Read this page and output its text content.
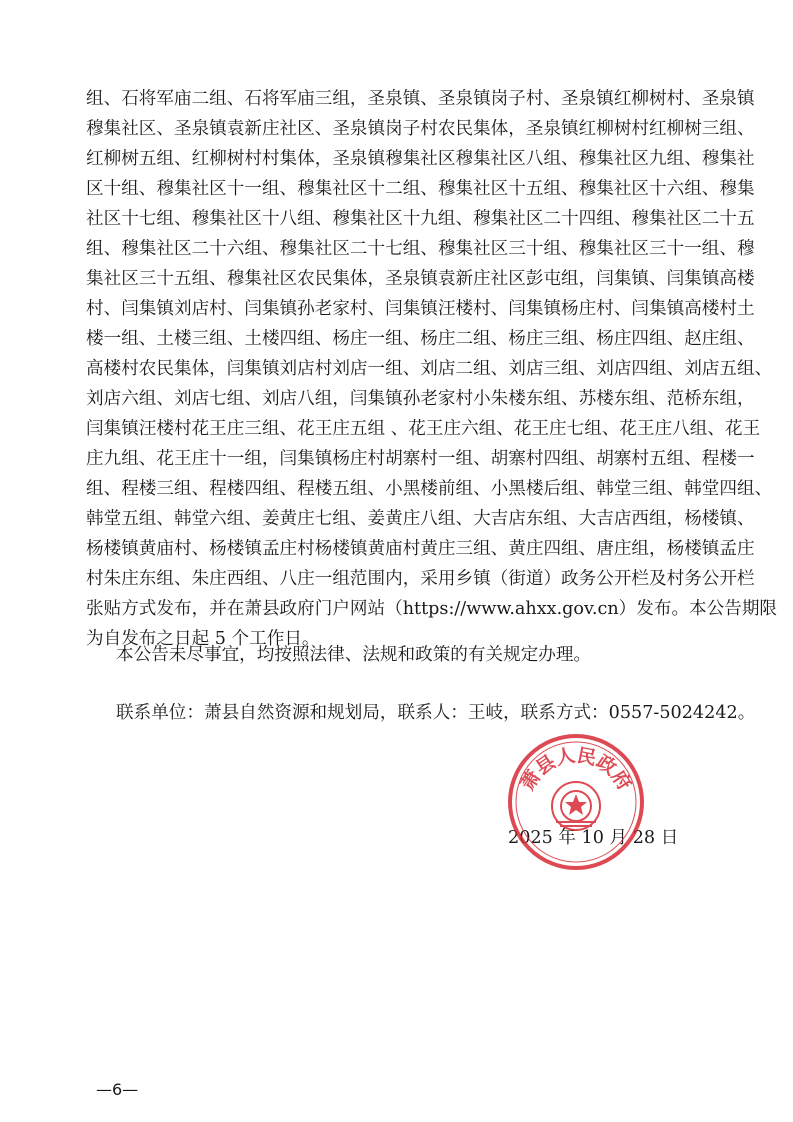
组、石将军庙二组、石将军庙三组，圣泉镇、圣泉镇岗子村、圣泉镇红柳树村、圣泉镇
穆集社区、圣泉镇袁新庄社区、圣泉镇岗子村农民集体，圣泉镇红柳树村红柳树三组、
红柳树五组、红柳树村村集体，圣泉镇穆集社区穆集社区八组、穆集社区九组、穆集社
区十组、穆集社区十一组、穆集社区十二组、穆集社区十五组、穆集社区十六组、穆集
社区十七组、穆集社区十八组、穆集社区十九组、穆集社区二十四组、穆集社区二十五
组、穆集社区二十六组、穆集社区二十七组、穆集社区三十组、穆集社区三十一组、穆
集社区三十五组、穆集社区农民集体，圣泉镇袁新庄社区彭屯组，闫集镇、闫集镇高楼
村、闫集镇刘店村、闫集镇孙老家村、闫集镇汪楼村、闫集镇杨庄村、闫集镇高楼村土
楼一组、土楼三组、土楼四组、杨庄一组、杨庄二组、杨庄三组、杨庄四组、赵庄组、
高楼村农民集体，闫集镇刘店村刘店一组、刘店二组、刘店三组、刘店四组、刘店五组、
刘店六组、刘店七组、刘店八组，闫集镇孙老家村小朱楼东组、苏楼东组、范桥东组，
闫集镇汪楼村花王庄三组、花王庄五组 、花王庄六组、花王庄七组、花王庄八组、花王
庄九组、花王庄十一组，闫集镇杨庄村胡寨村一组、胡寨村四组、胡寨村五组、程楼一
组、程楼三组、程楼四组、程楼五组、小黑楼前组、小黑楼后组、韩堂三组、韩堂四组、
韩堂五组、韩堂六组、姜黄庄七组、姜黄庄八组、大吉店东组、大吉店西组，杨楼镇、
杨楼镇黄庙村、杨楼镇孟庄村杨楼镇黄庙村黄庄三组、黄庄四组、唐庄组，杨楼镇孟庄
村朱庄东组、朱庄西组、八庄一组范围内，采用乡镇（街道）政务公开栏及村务公开栏
张贴方式发布，并在萧县政府门户网站（https://www.ahxx.gov.cn）发布。本公告期限
为自发布之日起 5 个工作日。
本公告未尽事宜，均按照法律、法规和政策的有关规定办理。
联系单位：萧县自然资源和规划局，联系人：王岐，联系方式：0557-5024242。
2025 年 10 月 28 日
萧县人民政府
—6—
